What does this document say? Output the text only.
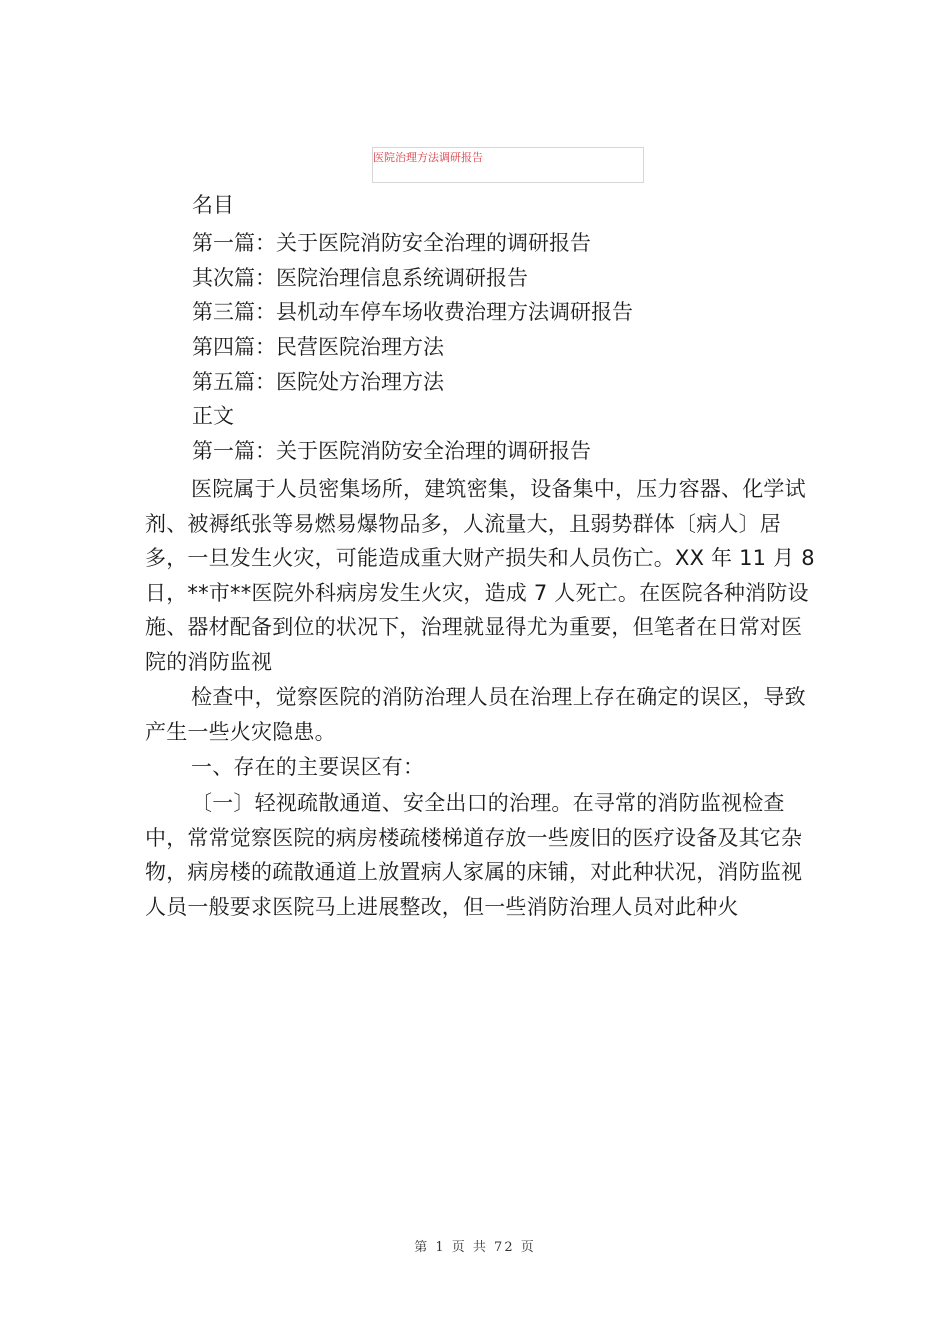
医院治理方法调研报告
名目
第一篇：关于医院消防安全治理的调研报告
其次篇：医院治理信息系统调研报告
第三篇：县机动车停车场收费治理方法调研报告
第四篇：民营医院治理方法
第五篇：医院处方治理方法
正文
第一篇：关于医院消防安全治理的调研报告

医院属于人员密集场所，建筑密集，设备集中，压力容器、化学试剂、被褥纸张等易燃易爆物品多，人流量大，且弱势群体〔病人〕居多，一旦发生火灾，可能造成重大财产损失和人员伤亡。XX 年 11 月 8 日，**市**医院外科病房发生火灾，造成 7 人死亡。在医院各种消防设施、器材配备到位的状况下，治理就显得尤为重要，但笔者在日常对医院的消防监视

检查中，觉察医院的消防治理人员在治理上存在确定的误区，导致产生一些火灾隐患。

一、存在的主要误区有：

〔一〕轻视疏散通道、安全出口的治理。在寻常的消防监视检查中，常常觉察医院的病房楼疏楼梯道存放一些废旧的医疗设备及其它杂物，病房楼的疏散通道上放置病人家属的床铺，对此种状况，消防监视人员一般要求医院马上进展整改，但一些消防治理人员对此种火

第 1 页 共 72 页
